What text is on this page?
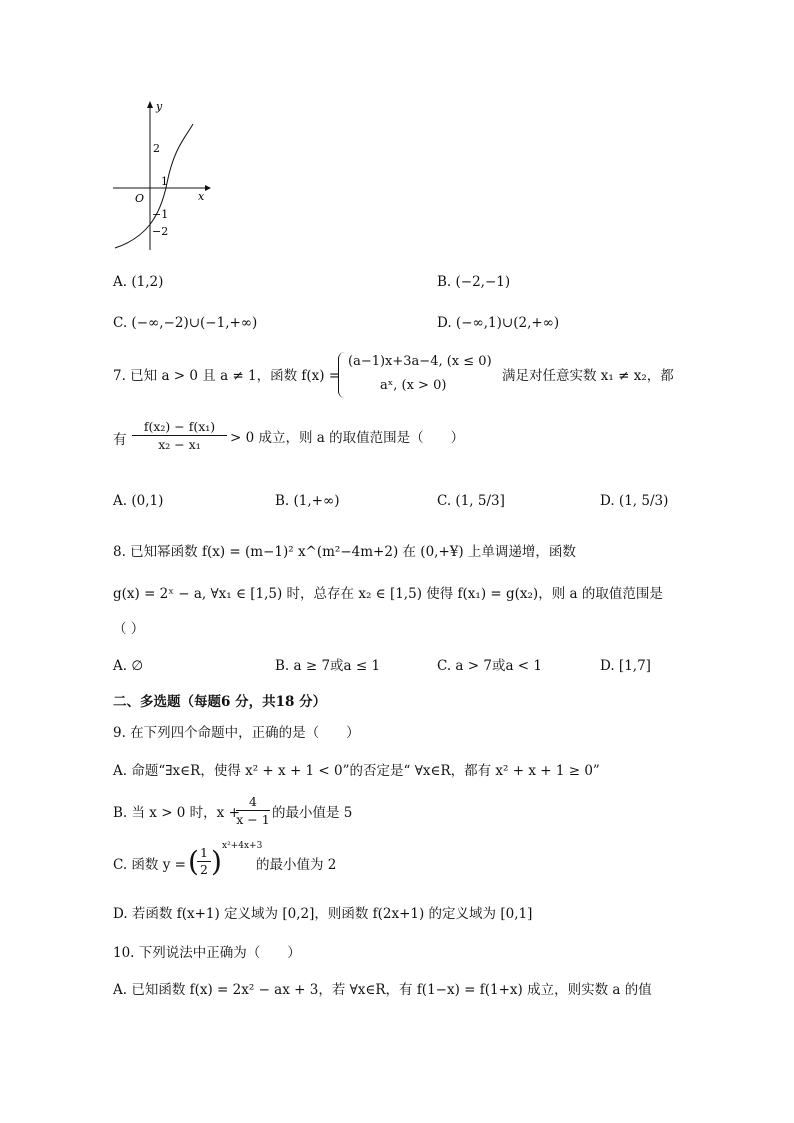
y
x
O
2
1
−1
−2
A. (1,2)	B. (−2,−1)
C. (−∞,−2)∪(−1,+∞)	D. (−∞,1)∪(2,+∞)
7. 已知 a > 0 且 a ≠ 1，函数 f(x) =
(a−1)x+3a−4, (x ≤ 0)
aˣ, (x > 0)
满足对任意实数 x₁ ≠ x₂，都
有 $\frac{\text{f(x₂) − f(x₁)}}{\text{x₂ − x₁}} > 0$ 成立，则 a 的取值范围是（　　）
A. (0,1)	B. (1,+∞)	C. (1, 5/3]	D. (1, 5/3)
8. 已知幂函数 f(x) = (m−1)² x^(m²−4m+2) 在 (0,+¥) 上单调递增，函数
g(x) = 2ˣ − a, ∀x₁ ∈ [1,5) 时，总存在 x₂ ∈ [1,5) 使得 f(x₁) = g(x₂)，则 a 的取值范围是
（ ）
A. ∅	B. a ≥ 7或a ≤ 1	C. a > 7或a < 1	D. [1,7]
二、多选题（每题6 分，共18 分）
9. 在下列四个命题中，正确的是（　　）
A. 命题“∃x∈R，使得 x² + x + 1 < 0”的否定是“ ∀x∈R，都有 x² + x + 1 ≥ 0”
B. 当 x > 0 时，x +
$\frac{4}{x - 1}$ 的最小值是 5
C. 函数 y = (
$\frac{1}{2}$ ) x²+4x+3
的最小值为 2
D. 若函数 f(x+1) 定义域为 [0,2]，则函数 f(2x+1) 的定义域为 [0,1]
10. 下列说法中正确为（　　）
A. 已知函数 f(x) = 2x² − ax + 3，若 ∀x∈R，有 f(1−x) = f(1+x) 成立，则实数 a 的值
